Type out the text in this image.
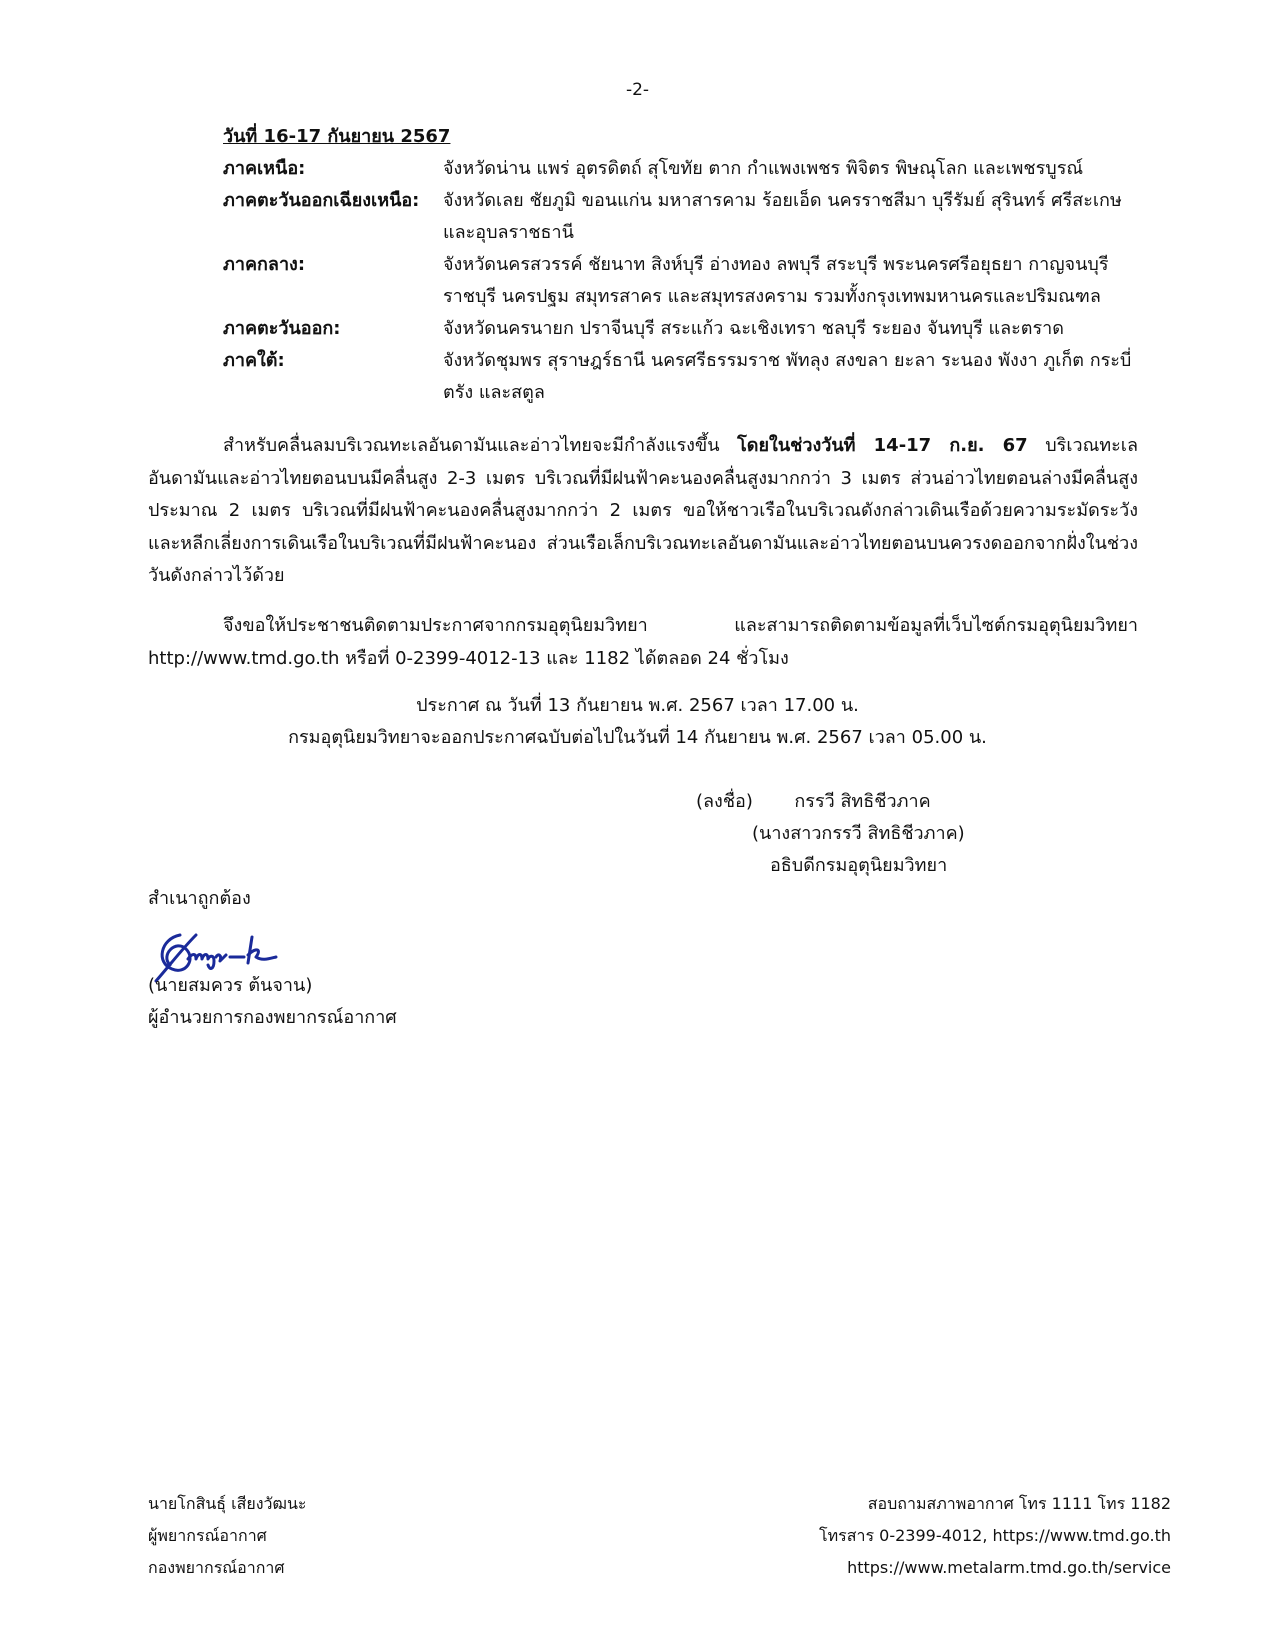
-2-
วันที่ 16-17 กันยายน 2567
ภาคเหนือ:	จังหวัดน่าน แพร่ อุตรดิตถ์ สุโขทัย ตาก กำแพงเพชร พิจิตร พิษณุโลก และเพชรบูรณ์
ภาคตะวันออกเฉียงเหนือ:	จังหวัดเลย ชัยภูมิ ขอนแก่น มหาสารคาม ร้อยเอ็ด นครราชสีมา บุรีรัมย์ สุรินทร์ ศรีสะเกษ และอุบลราชธานี
ภาคกลาง:	จังหวัดนครสวรรค์ ชัยนาท สิงห์บุรี อ่างทอง ลพบุรี สระบุรี พระนครศรีอยุธยา กาญจนบุรี ราชบุรี นครปฐม สมุทรสาคร และสมุทรสงคราม รวมทั้งกรุงเทพมหานครและปริมณฑล
ภาคตะวันออก:	จังหวัดนครนายก ปราจีนบุรี สระแก้ว ฉะเชิงเทรา ชลบุรี ระยอง จันทบุรี และตราด
ภาคใต้:	จังหวัดชุมพร สุราษฎร์ธานี นครศรีธรรมราช พัทลุง สงขลา ยะลา ระนอง พังงา ภูเก็ต กระบี่ ตรัง และสตูล
สำหรับคลื่นลมบริเวณทะเลอันดามันและอ่าวไทยจะมีกำลังแรงขึ้น โดยในช่วงวันที่ 14-17 ก.ย. 67 บริเวณทะเลอันดามันและอ่าวไทยตอนบนมีคลื่นสูง 2-3 เมตร บริเวณที่มีฝนฟ้าคะนองคลื่นสูงมากกว่า 3 เมตร ส่วนอ่าวไทยตอนล่างมีคลื่นสูงประมาณ 2 เมตร บริเวณที่มีฝนฟ้าคะนองคลื่นสูงมากกว่า 2 เมตร ขอให้ชาวเรือในบริเวณดังกล่าวเดินเรือด้วยความระมัดระวัง และหลีกเลี่ยงการเดินเรือในบริเวณที่มีฝนฟ้าคะนอง ส่วนเรือเล็กบริเวณทะเลอันดามันและอ่าวไทยตอนบนควรงดออกจากฝั่งในช่วงวันดังกล่าวไว้ด้วย
จึงขอให้ประชาชนติดตามประกาศจากกรมอุตุนิยมวิทยา และสามารถติดตามข้อมูลที่เว็บไซต์กรมอุตุนิยมวิทยา http://www.tmd.go.th หรือที่ 0-2399-4012-13 และ 1182 ได้ตลอด 24 ชั่วโมง
ประกาศ ณ วันที่ 13 กันยายน พ.ศ. 2567 เวลา 17.00 น.
กรมอุตุนิยมวิทยาจะออกประกาศฉบับต่อไปในวันที่ 14 กันยายน พ.ศ. 2567 เวลา 05.00 น.
(ลงชื่อ) กรรวี สิทธิชีวภาค
(นางสาวกรรวี สิทธิชีวภาค)
อธิบดีกรมอุตุนิยมวิทยา
สำเนาถูกต้อง
(นายสมควร ต้นจาน)
ผู้อำนวยการกองพยากรณ์อากาศ
นายโกสินธุ์ เสียงวัฒนะ
ผู้พยากรณ์อากาศ
กองพยากรณ์อากาศ
สอบถามสภาพอากาศ โทร 1111 โทร 1182
โทรสาร 0-2399-4012, https://www.tmd.go.th
https://www.metalarm.tmd.go.th/service
